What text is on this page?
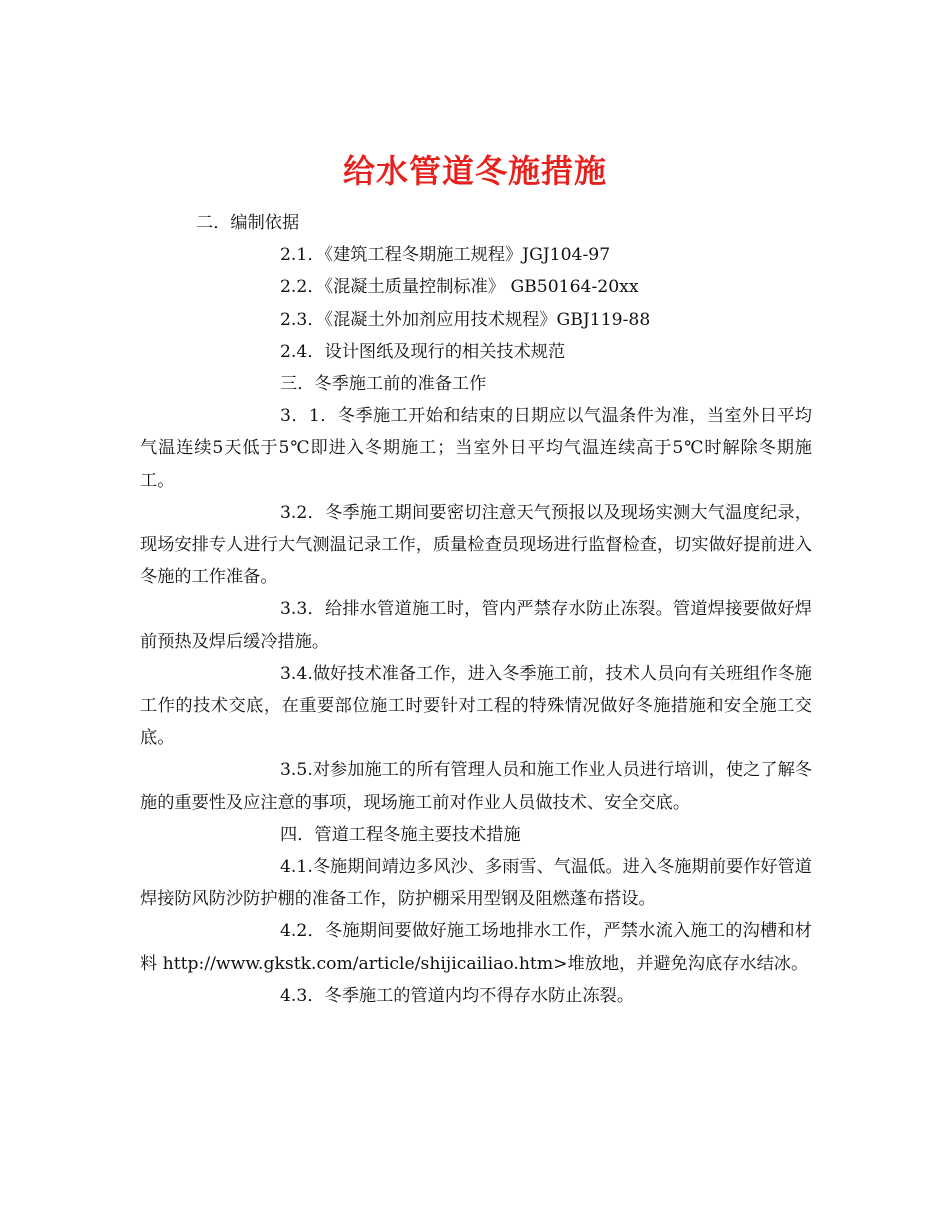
给水管道冬施措施

二．编制依据

2.1．《建筑工程冬期施工规程》JGJ104-97

2.2．《混凝土质量控制标准》 GB50164-20xx

2.3．《混凝土外加剂应用技术规程》GBJ119-88

2.4．设计图纸及现行的相关技术规范

三．冬季施工前的准备工作

3．1．冬季施工开始和结束的日期应以气温条件为准，当室外日平均气温连续5天低于5℃即进入冬期施工；当室外日平均气温连续高于5℃时解除冬期施工。

3.2．冬季施工期间要密切注意天气预报以及现场实测大气温度纪录，现场安排专人进行大气测温记录工作，质量检查员现场进行监督检查，切实做好提前进入冬施的工作准备。

3.3．给排水管道施工时，管内严禁存水防止冻裂。管道焊接要做好焊前预热及焊后缓冷措施。

3.4.做好技术准备工作，进入冬季施工前，技术人员向有关班组作冬施工作的技术交底，在重要部位施工时要针对工程的特殊情况做好冬施措施和安全施工交底。

3.5.对参加施工的所有管理人员和施工作业人员进行培训，使之了解冬施的重要性及应注意的事项，现场施工前对作业人员做技术、安全交底。

四．管道工程冬施主要技术措施

4.1.冬施期间靖边多风沙、多雨雪、气温低。进入冬施期前要作好管道焊接防风防沙防护棚的准备工作，防护棚采用型钢及阻燃蓬布搭设。

4.2．冬施期间要做好施工场地排水工作，严禁水流入施工的沟槽和材料 http://www.gkstk.com/article/shijicailiao.htm>堆放地，并避免沟底存水结冰。

4.3．冬季施工的管道内均不得存水防止冻裂。
